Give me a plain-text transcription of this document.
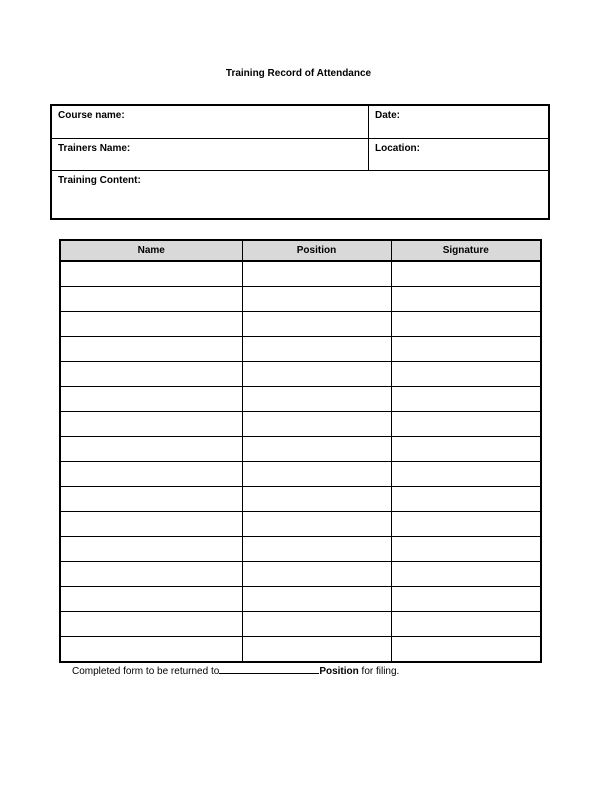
Training Record of Attendance
Course name:	Date:
Trainers Name:	Location:
Training Content:
Name	Position	Signature

Completed form to be returned to	Position for filing.
